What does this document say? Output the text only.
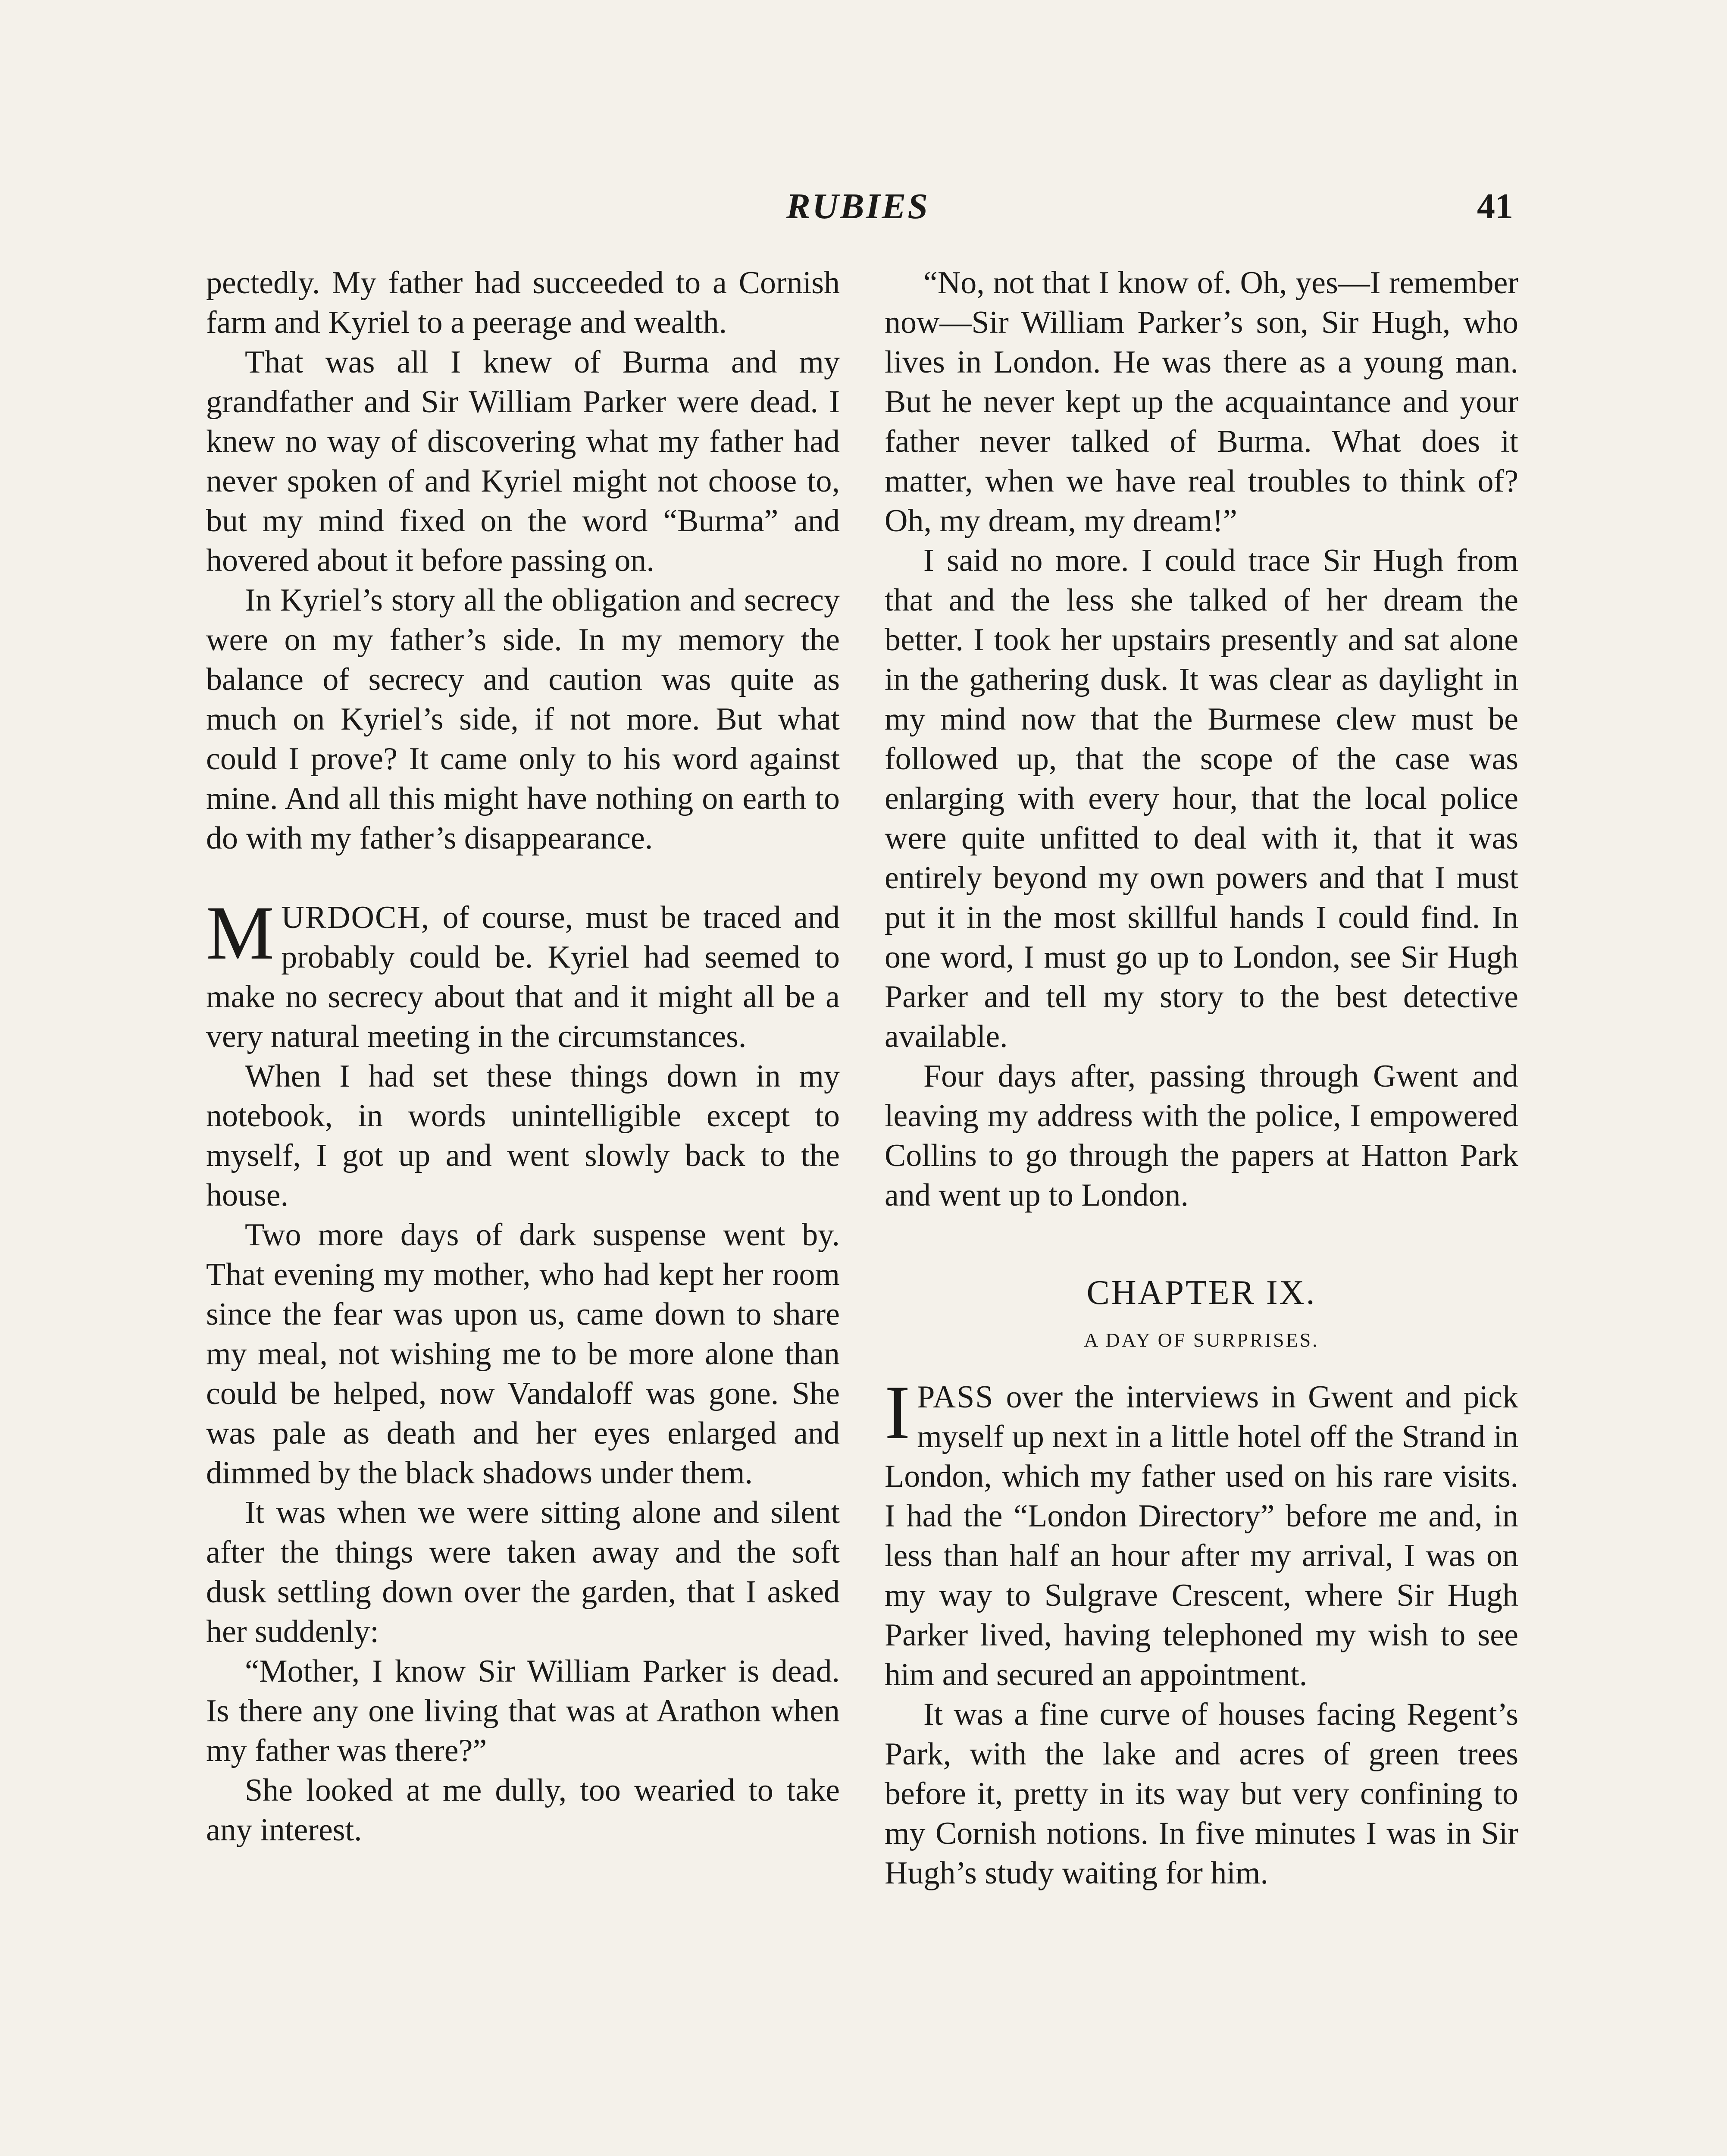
RUBIES	41

pectedly. My father had succeeded to a Cornish farm and Kyriel to a peerage and wealth.

That was all I knew of Burma and my grandfather and Sir William Parker were dead. I knew no way of discovering what my father had never spoken of and Kyriel might not choose to, but my mind fixed on the word “Burma” and hovered about it before passing on.

In Kyriel’s story all the obligation and secrecy were on my father’s side. In my memory the balance of secrecy and caution was quite as much on Kyriel’s side, if not more. But what could I prove? It came only to his word against mine. And all this might have nothing on earth to do with my father’s disappearance.

MURDOCH, of course, must be traced and probably could be. Kyriel had seemed to make no secrecy about that and it might all be a very natural meeting in the circumstances.

When I had set these things down in my notebook, in words unintelligible except to myself, I got up and went slowly back to the house.

Two more days of dark suspense went by. That evening my mother, who had kept her room since the fear was upon us, came down to share my meal, not wishing me to be more alone than could be helped, now Vandaloff was gone. She was pale as death and her eyes enlarged and dimmed by the black shadows under them.

It was when we were sitting alone and silent after the things were taken away and the soft dusk settling down over the garden, that I asked her suddenly:

“Mother, I know Sir William Parker is dead. Is there any one living that was at Arathon when my father was there?”

She looked at me dully, too wearied to take any interest.

“No, not that I know of. Oh, yes—I remember now—Sir William Parker’s son, Sir Hugh, who lives in London. He was there as a young man. But he never kept up the acquaintance and your father never talked of Burma. What does it matter, when we have real troubles to think of? Oh, my dream, my dream!”

I said no more. I could trace Sir Hugh from that and the less she talked of her dream the better. I took her upstairs presently and sat alone in the gathering dusk. It was clear as daylight in my mind now that the Burmese clew must be followed up, that the scope of the case was enlarging with every hour, that the local police were quite unfitted to deal with it, that it was entirely beyond my own powers and that I must put it in the most skillful hands I could find. In one word, I must go up to London, see Sir Hugh Parker and tell my story to the best detective available.

Four days after, passing through Gwent and leaving my address with the police, I empowered Collins to go through the papers at Hatton Park and went up to London.

CHAPTER IX.
A DAY OF SURPRISES.

IPASS over the interviews in Gwent and pick myself up next in a little hotel off the Strand in London, which my father used on his rare visits. I had the “London Directory” before me and, in less than half an hour after my arrival, I was on my way to Sulgrave Crescent, where Sir Hugh Parker lived, having telephoned my wish to see him and secured an appointment.

It was a fine curve of houses facing Regent’s Park, with the lake and acres of green trees before it, pretty in its way but very confining to my Cornish notions. In five minutes I was in Sir Hugh’s study waiting for him.
